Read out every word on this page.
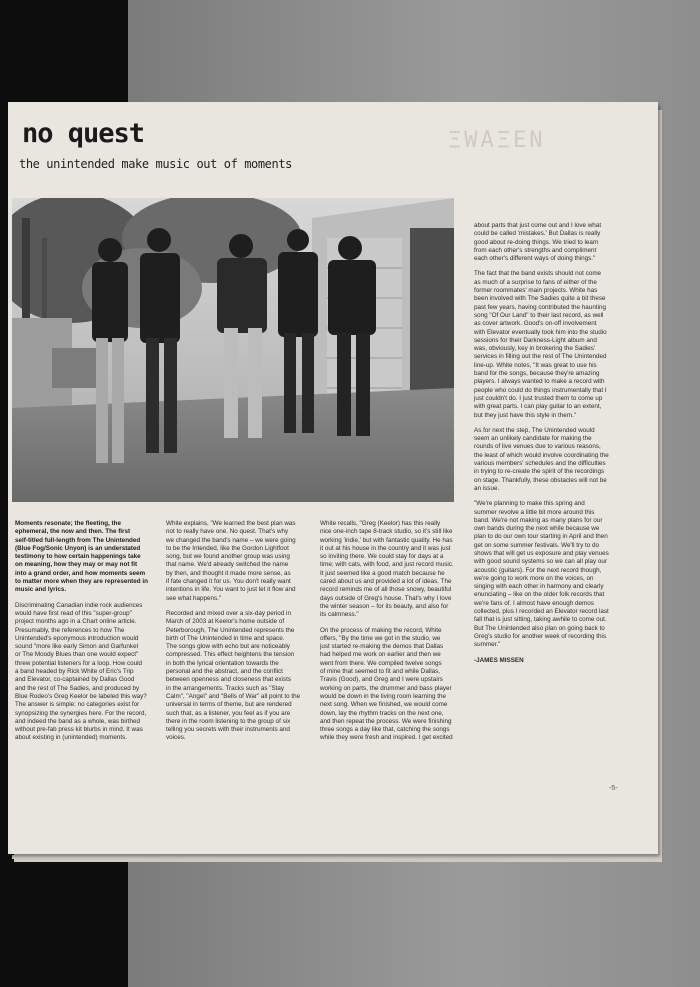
ΞWAΞEN
no quest
the unintended make music out of moments

Moments resonate; the fleeting, the
ephemeral, the now and then. The first
self-titled full-length from The Unintended
(Blue Fog/Sonic Unyon) is an understated
testimony to how certain happenings take
on meaning, how they may or may not fit
into a grand order, and how moments seem
to matter more when they are represented in
music and lyrics.

Discriminating Canadian indie rock audiences
would have first read of this "super-group"
project months ago in a Chart online article.
Presumably, the references to how The
Unintended's eponymous introduction would
sound "more like early Simon and Garfunkel
or The Moody Blues than one would expect"
threw potential listeners for a loop. How could
a band headed by Rick White of Eric's Trip
and Elevator, co-captained by Dallas Good
and the rest of The Sadies, and produced by
Blue Rodeo's Greg Keelor be labeled this way?
The answer is simple: no categories exist for
synopsizing the synergies here. For the record,
and indeed the band as a whole, was birthed
without pre-fab press kit blurbs in mind. It was
about existing in (unintended) moments.

White explains, "We learned the best plan was
not to really have one. No quest. That's why
we changed the band's name – we were going
to be the Intended, like the Gordon Lightfoot
song, but we found another group was using
that name. We'd already switched the name
by then, and thought it made more sense, as
if fate changed it for us. You don't really want
intentions in life. You want to just let it flow and
see what happens."

Recorded and mixed over a six-day period in
March of 2003 at Keelor's home outside of
Peterborough, The Unintended represents the
birth of The Unintended in time and space.
The songs glow with echo but are noticeably
compressed. This effect heightens the tension
in both the lyrical orientation towards the
personal and the abstract, and the conflict
between openness and closeness that exists
in the arrangements. Tracks such as "Stay
Calm", "Angel" and "Bells of War" all point to the
universal in terms of theme, but are rendered
such that, as a listener, you feel as if you are
there in the room listening to the group of six
telling you secrets with their instruments and
voices.

White recalls, "Greg (Keelor) has this really
nice one-inch tape 8-track studio, so it's still like
working 'indie,' but with fantastic quality. He has
it out at his house in the country and it was just
so inviting there. We could stay for days at a
time; with cats, with food, and just record music.
It just seemed like a good match because he
cared about us and provided a lot of ideas. The
record reminds me of all those snowy, beautiful
days outside of Greg's house. That's why I love
the winter season – for its beauty, and also for
its calmness."

On the process of making the record, White
offers, "By the time we got in the studio, we
just started re-making the demos that Dallas
had helped me work on earlier and then we
went from there. We compiled twelve songs
of mine that seemed to fit and while Dallas,
Travis (Good), and Greg and I were upstairs
working on parts, the drummer and bass player
would be down in the living room learning the
next song. When we finished, we would come
down, lay the rhythm tracks on the next one,
and then repeat the process. We were finishing
three songs a day like that, catching the songs
while they were fresh and inspired. I get excited

about parts that just come out and I love what
could be called 'mistakes.' But Dallas is really
good about re-doing things. We tried to learn
from each other's strengths and compliment
each other's different ways of doing things."

The fact that the band exists should not come
as much of a surprise to fans of either of the
former roommates' main projects. White has
been involved with The Sadies quite a bit these
past few years, having contributed the haunting
song "Of Our Land" to their last record, as well
as cover artwork. Good's on-off involvement
with Elevator eventually took him into the studio
sessions for their Darkness-Light album and
was, obviously, key in brokering the Sadies'
services in filling out the rest of The Unintended
line-up. White notes, "It was great to use his
band for the songs, because they're amazing
players. I always wanted to make a record with
people who could do things instrumentally that I
just couldn't do. I just trusted them to come up
with great parts. I can play guitar to an extent,
but they just have this style in them."

As for next the step, The Unintended would
seem an unlikely candidate for making the
rounds of live venues due to various reasons,
the least of which would involve coordinating the
various members' schedules and the difficulties
in trying to re-create the spirit of the recordings
on stage. Thankfully, these obstacles will not be
an issue.

"We're planning to make this spring and
summer revolve a little bit more around this
band. We're not making as many plans for our
own bands during the next while because we
plan to do our own tour starting in April and then
get on some summer festivals. We'll try to do
shows that will get us exposure and play venues
with good sound systems so we can all play our
acoustic (guitars). For the next record though,
we're going to work more on the voices, on
singing with each other in harmony and clearly
enunciating – like on the older folk records that
we're fans of. I almost have enough demos
collected, plus I recorded an Elevator record last
fall that is just sitting, taking awhile to come out.
But The Unintended also plan on going back to
Greg's studio for another week of recording this
summer."

-JAMES MISSEN

-5-
